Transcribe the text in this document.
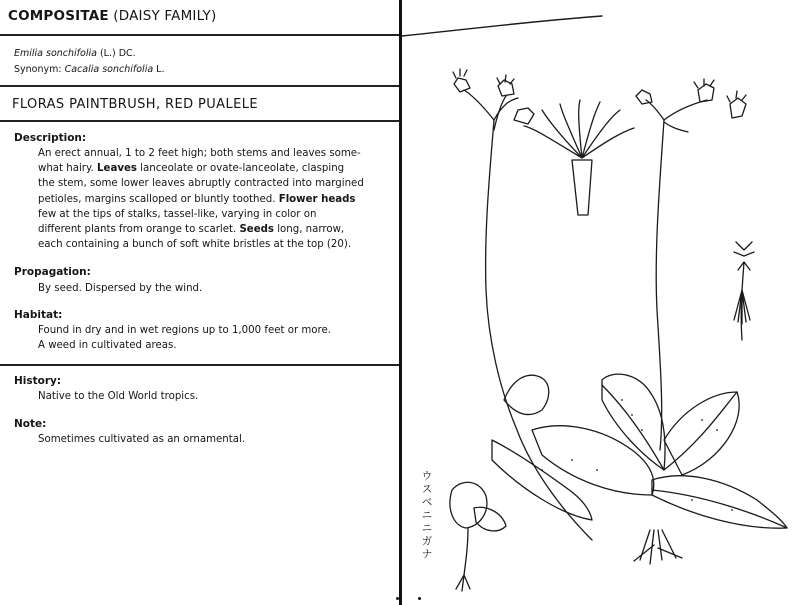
COMPOSITAE (DAISY FAMILY)
Emilia sonchifolia (L.) DC.
Synonym: Cacalia sonchifolia L.
FLORAS PAINTBRUSH, RED PUALELE
Description:
An erect annual, 1 to 2 feet high; both stems and leaves some-
what hairy. Leaves lanceolate or ovate-lanceolate, clasping
the stem, some lower leaves abruptly contracted into margined
petioles, margins scalloped or bluntly toothed. Flower heads
few at the tips of stalks, tassel-like, varying in color on
different plants from orange to scarlet. Seeds long, narrow,
each containing a bunch of soft white bristles at the top (20).
Propagation:
By seed. Dispersed by the wind.
Habitat:
Found in dry and in wet regions up to 1,000 feet or more.
A weed in cultivated areas.
History:
Native to the Old World tropics.
Note:
Sometimes cultivated as an ornamental.
ウスベニニガナ
